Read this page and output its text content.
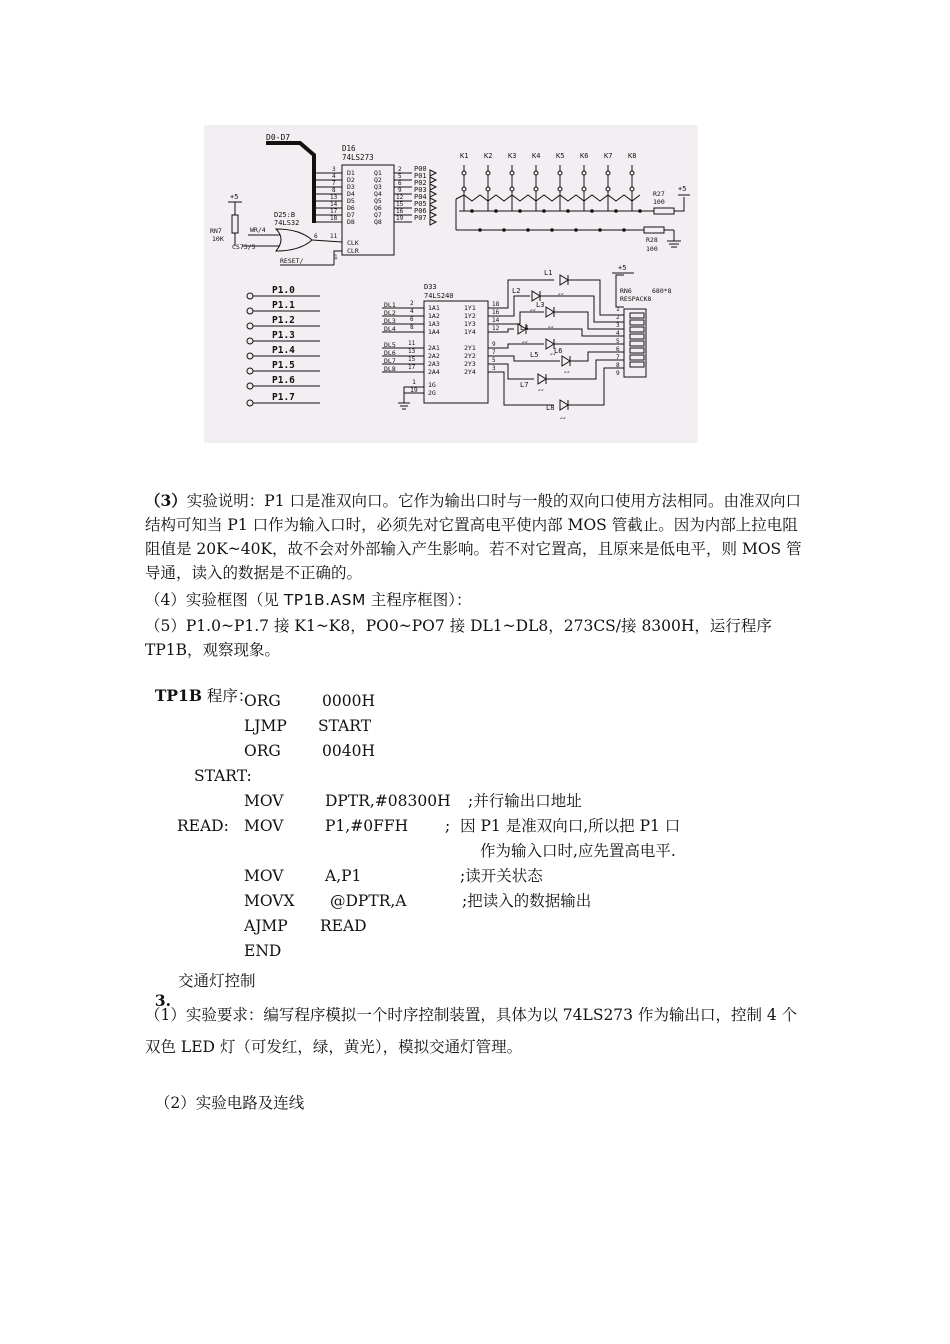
D0-D7
D16
74LS273
D1
D2
D3
D4
D5
D6
D7
D8
3
4
7
8
13
14
17
18
Q1
Q2
Q3
Q4
Q5
Q6
Q7
Q8
2
5
6
9
12
15
16
19
P00
P01
P02
P03
P04
P05
P06
P07
CLK
CLR
D25:B
74LS32
6 11
WR/4
CS73/5
+5
RN7
10K
RESET/	1
K1 K2 K3 K4 K5 K6 K7 K8
R27
100
+5
R28
100
P1.0
P1.1
P1.2
P1.3
P1.4
P1.5
P1.6
P1.7
D33
74LS240
DL1
DL2
DL3
DL4
DL5
DL6
DL7
DL8
2
4
6
8
11
13
15
17
1A1
1A2
1A3
1A4
2A1
2A2
2A3
2A4
1Y1
1Y2
1Y3
1Y4
2Y1
2Y2
2Y3
2Y4
18
16
14
12
9
7
5
3
1G
2G
1
19
L1
L2
L3
L4
L5 L6
L7
L8
↙↙
↙↙
↙↙
↙↙
↙↙
↙↙
↙↙
↙↙
+5
RN6	680*8
RESPACK8
1
2
3
4
5
6
7
8
9
（3）实验说明：P1 口是准双向口。它作为输出口时与一般的双向口使用方法相同。由准双向口结构可知当 P1 口作为输入口时，必须先对它置高电平使内部 MOS 管截止。因为内部上拉电阻阻值是 20K~40K，故不会对外部输入产生影响。若不对它置高，且原来是低电平，则 MOS 管导通，读入的数据是不正确的。
（4）实验框图（见 TP1B.ASM 主程序框图）：
（5）P1.0~P1.7 接 K1~K8，PO0~PO7 接 DL1~DL8，273CS/接 8300H，运行程序 TP1B，观察现象。

TP1B 程序：

ORG	0000H
LJMP START
ORG	0040H
START:
MOV	DPTR,#08300H ;并行输出口地址
READ: MOV	P1,#0FFH ;  因 P1 是准双向口,所以把 P1 口
作为输入口时,应先置高电平.
MOV	A,P1	;读开关状态
MOVX @DPTR,A	;把读入的数据输出
AJMP READ
END

3.

交通灯控制
（1）实验要求：编写程序模拟一个时序控制装置，具体为以 74LS273 作为输出口，控制 4 个双色 LED 灯（可发红，绿，黄光），模拟交通灯管理。

（2）实验电路及连线
